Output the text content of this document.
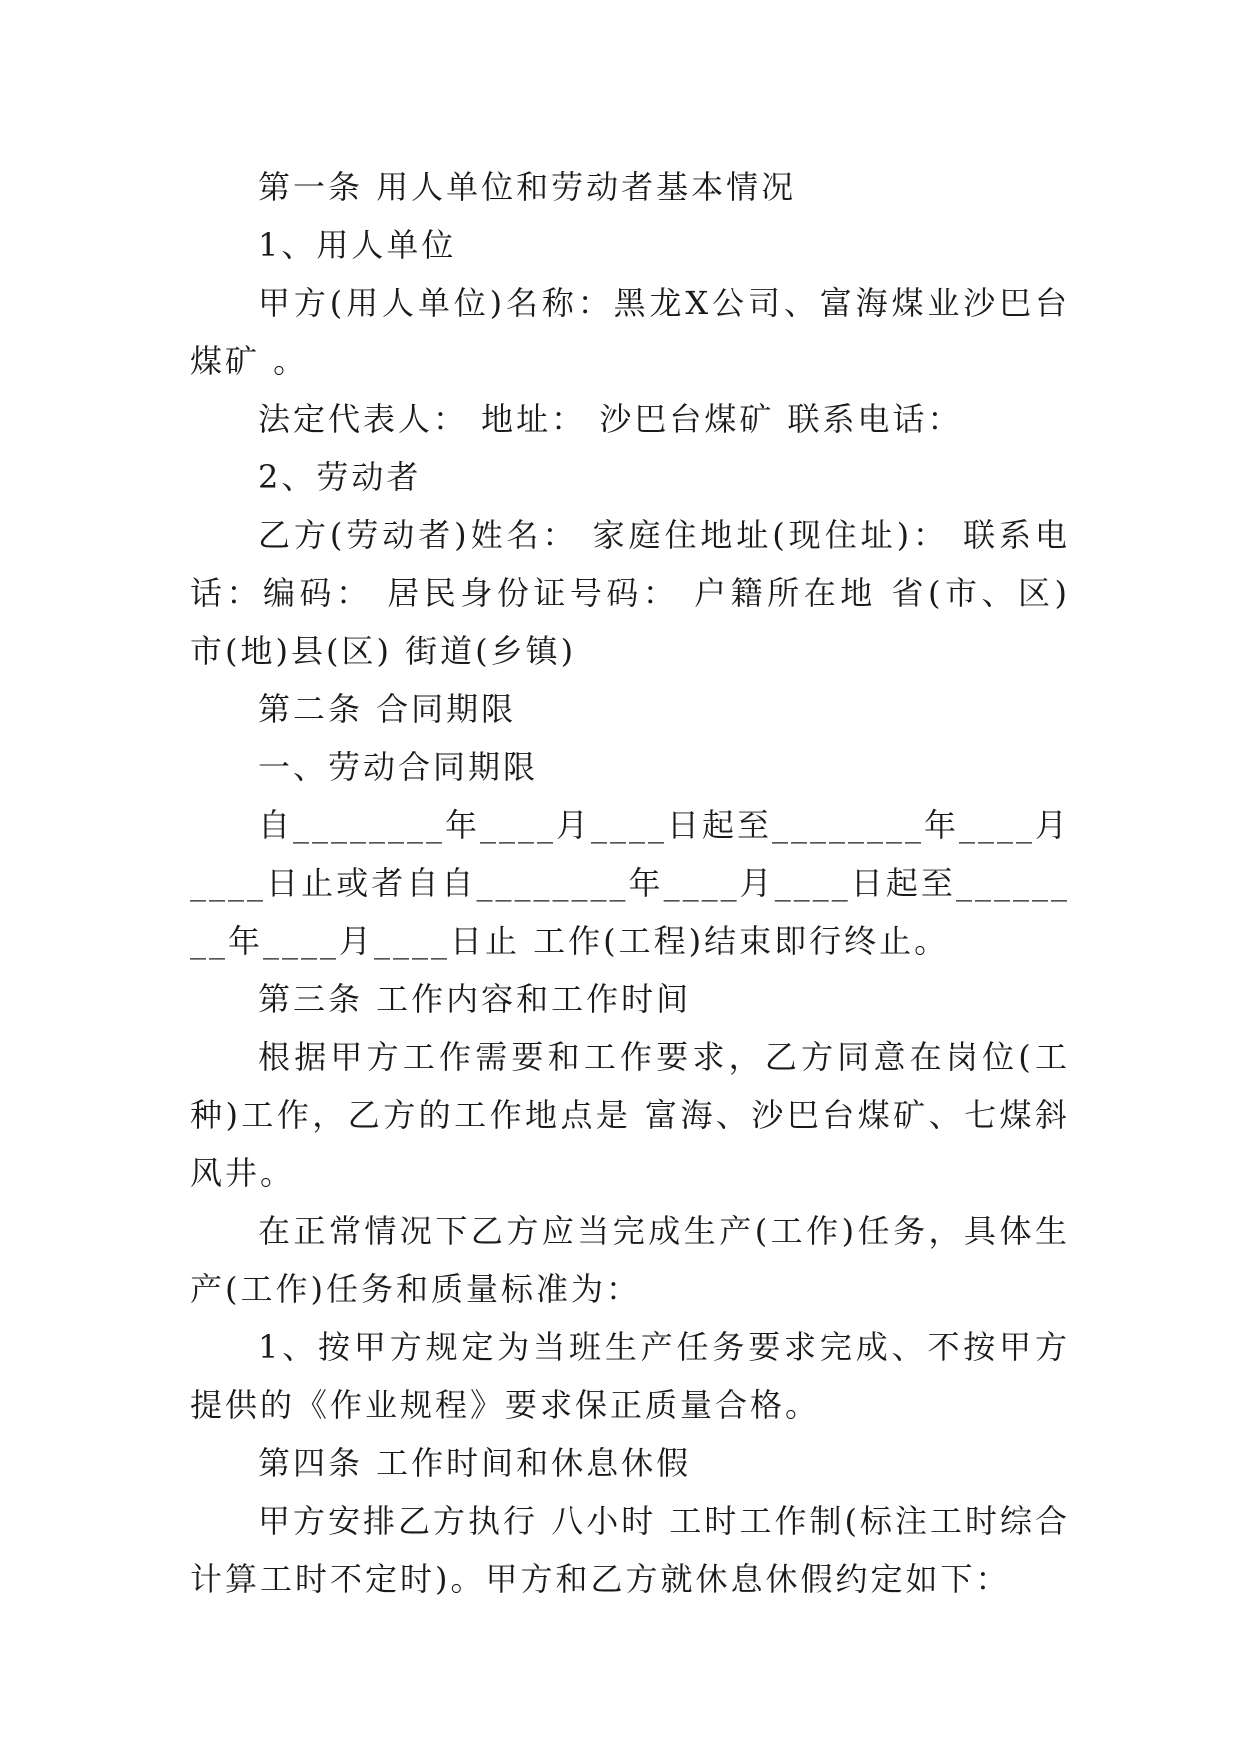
第一条 用人单位和劳动者基本情况

1、用人单位

甲方(用人单位)名称：黑龙X公司、富海煤业沙巴台煤矿 。

法定代表人： 地址： 沙巴台煤矿 联系电话：

2、劳动者

乙方(劳动者)姓名： 家庭住地址(现住址)： 联系电话：编码： 居民身份证号码： 户籍所在地 省(市、区) 市(地)县(区) 街道(乡镇)

第二条 合同期限

一、劳动合同期限

自________年____月____日起至________年____月____日止或者自自________年____月____日起至________年____月____日止 工作(工程)结束即行终止。

第三条 工作内容和工作时间

根据甲方工作需要和工作要求，乙方同意在岗位(工种)工作，乙方的工作地点是 富海、沙巴台煤矿、七煤斜风井。

在正常情况下乙方应当完成生产(工作)任务，具体生产(工作)任务和质量标准为：

1、按甲方规定为当班生产任务要求完成、不按甲方提供的《作业规程》要求保正质量合格。

第四条 工作时间和休息休假

甲方安排乙方执行 八小时 工时工作制(标注工时综合计算工时不定时)。甲方和乙方就休息休假约定如下：
